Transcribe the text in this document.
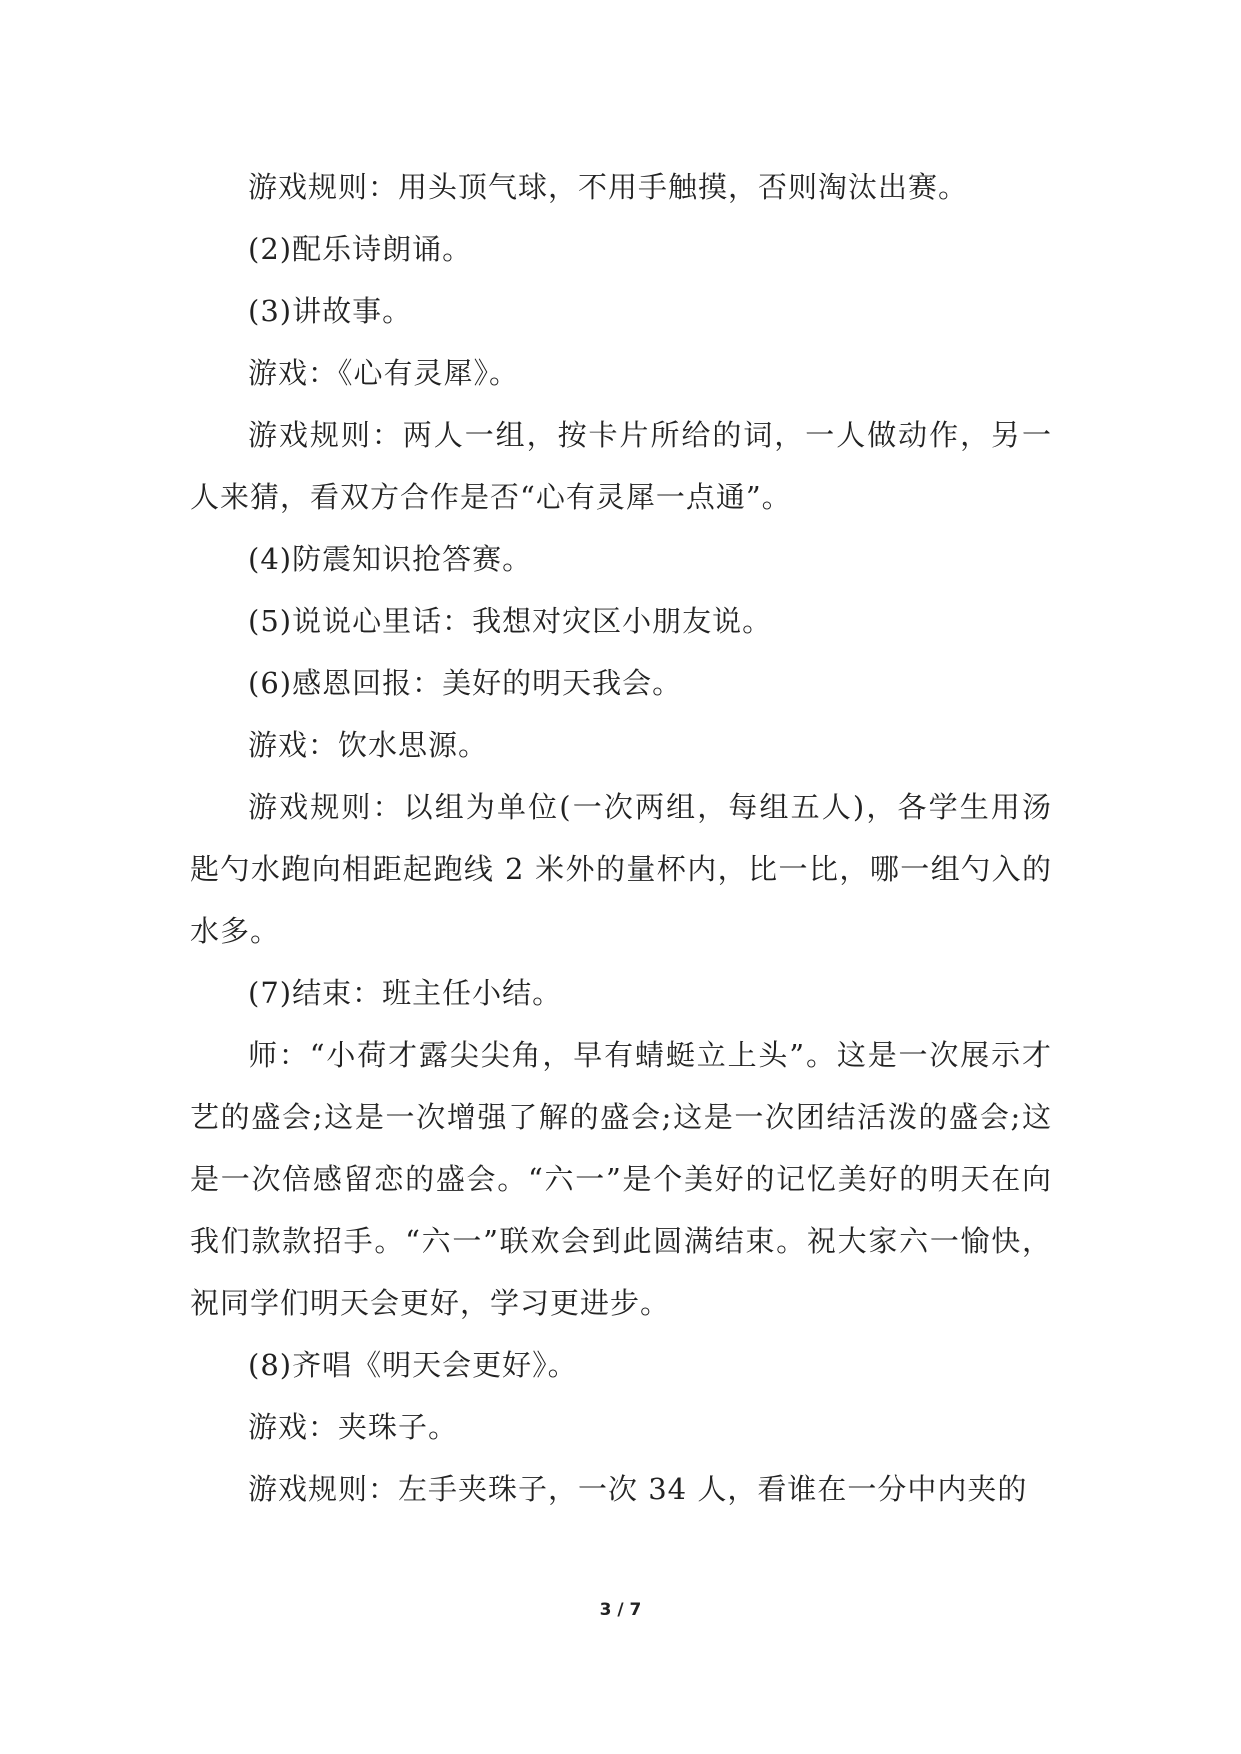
游戏规则：用头顶气球，不用手触摸，否则淘汰出赛。

(2)配乐诗朗诵。

(3)讲故事。

游戏：《心有灵犀》。

游戏规则：两人一组，按卡片所给的词，一人做动作，另一人来猜，看双方合作是否“心有灵犀一点通”。

(4)防震知识抢答赛。

(5)说说心里话：我想对灾区小朋友说。

(6)感恩回报：美好的明天我会。

游戏：饮水思源。

游戏规则：以组为单位(一次两组，每组五人)，各学生用汤匙勺水跑向相距起跑线 2 米外的量杯内，比一比，哪一组勺入的水多。

(7)结束：班主任小结。

师：“小荷才露尖尖角，早有蜻蜓立上头”。这是一次展示才艺的盛会;这是一次增强了解的盛会;这是一次团结活泼的盛会;这是一次倍感留恋的盛会。“六一”是个美好的记忆美好的明天在向我们款款招手。“六一”联欢会到此圆满结束。祝大家六一愉快，祝同学们明天会更好，学习更进步。

(8)齐唱《明天会更好》。

游戏：夹珠子。

游戏规则：左手夹珠子，一次 34 人，看谁在一分中内夹的

3 / 7
